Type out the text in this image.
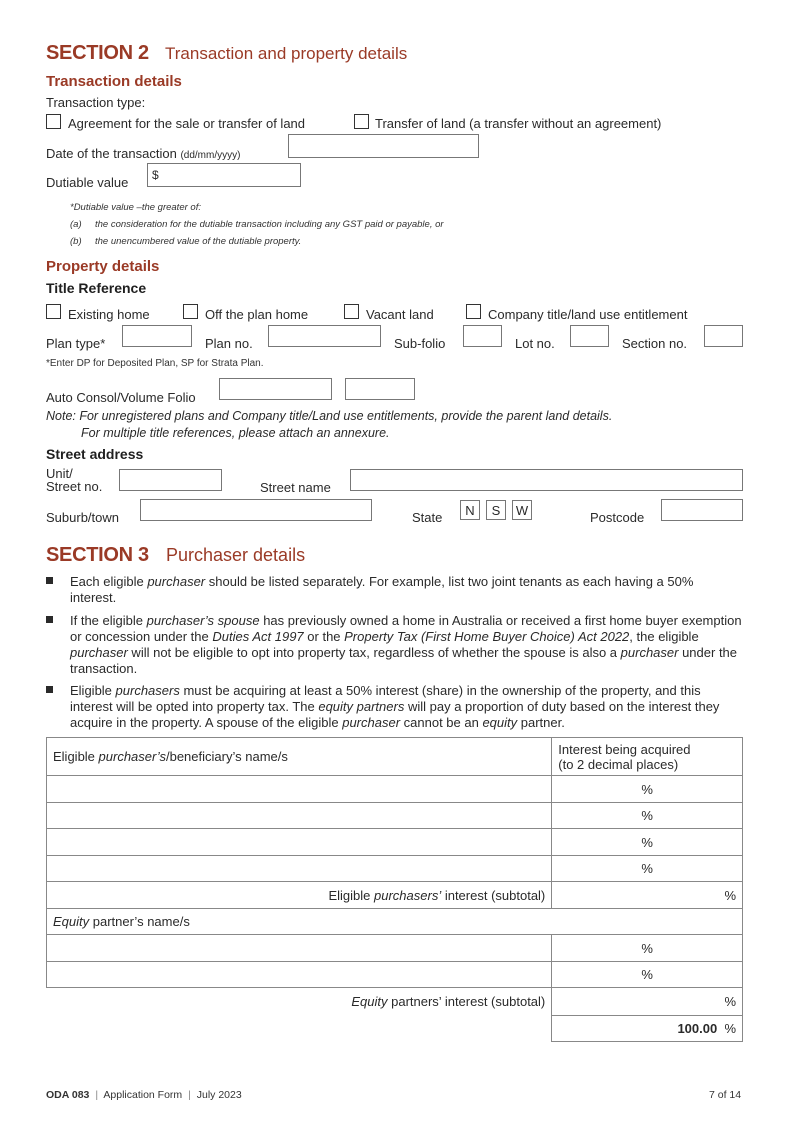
SECTION 2 Transaction and property details
Transaction details
Transaction type:
Agreement for the sale or transfer of land	Transfer of land (a transfer without an agreement)
Date of the transaction (dd/mm/yyyy)
Dutiable value $
*Dutiable value –the greater of:
(a) the consideration for the dutiable transaction including any GST paid or payable, or
(b) the unencumbered value of the dutiable property.
Property details
Title Reference
Existing home	Off the plan home	Vacant land	Company title/land use entitlement
Plan type*	Plan no.	Sub-folio	Lot no.	Section no.
*Enter DP for Deposited Plan, SP for Strata Plan.
Auto Consol/Volume Folio
Note: For unregistered plans and Company title/Land use entitlements, provide the parent land details.
For multiple title references, please attach an annexure.
Street address
Unit/
Street no.	Street name
Suburb/town	State	N	S	W	Postcode
SECTION 3 Purchaser details
Each eligible purchaser should be listed separately. For example, list two joint tenants as each having a 50% interest.
If the eligible purchaser’s spouse has previously owned a home in Australia or received a first home buyer exemption or concession under the Duties Act 1997 or the Property Tax (First Home Buyer Choice) Act 2022, the eligible purchaser will not be eligible to opt into property tax, regardless of whether the spouse is also a purchaser under the transaction.
Eligible purchasers must be acquiring at least a 50% interest (share) in the ownership of the property, and this interest will be opted into property tax. The equity partners will pay a proportion of duty based on the interest they acquire in the property. A spouse of the eligible purchaser cannot be an equity partner.
Eligible purchaser’s/beneficiary’s name/s	Interest being acquired
(to 2 decimal places)

	%
	%
	%
	%
Eligible purchasers’ interest (subtotal)	%
Equity partner’s name/s	
	%
	%
Equity partners’ interest (subtotal)	%
	100.00 %
ODA 083 | Application Form | July 2023	7 of 14
